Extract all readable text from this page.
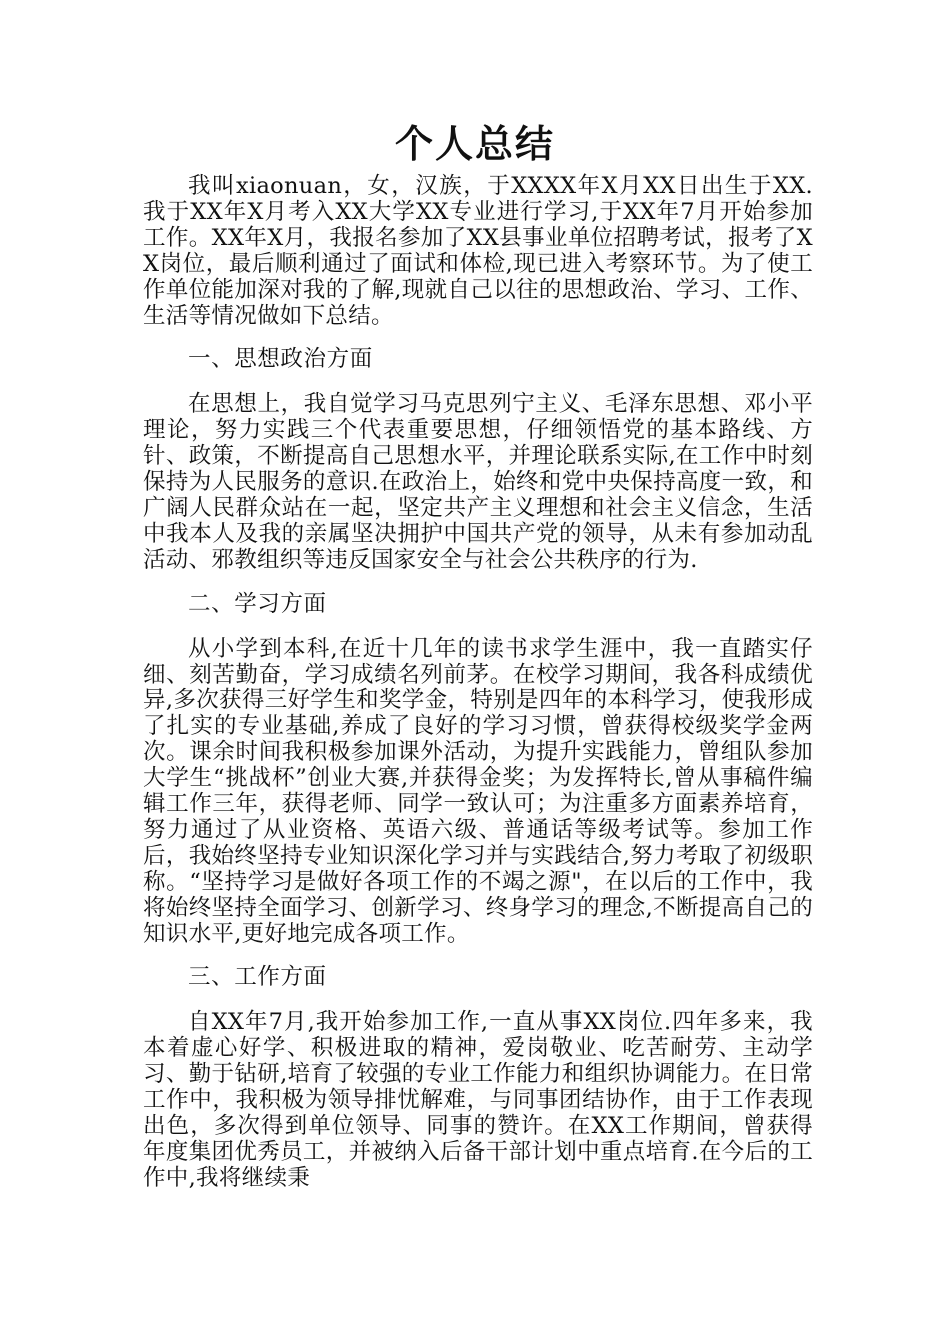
个人总结

我叫xiaonuan，女，汉族，于XXXX年X月XX日出生于XX.我于XX年X月考入XX大学XX专业进行学习,于XX年7月开始参加工作。XX年X月，我报名参加了XX县事业单位招聘考试，报考了XX岗位，最后顺利通过了面试和体检,现已进入考察环节。为了使工作单位能加深对我的了解,现就自己以往的思想政治、学习、工作、生活等情况做如下总结。

一、思想政治方面

在思想上，我自觉学习马克思列宁主义、毛泽东思想、邓小平理论，努力实践三个代表重要思想，仔细领悟党的基本路线、方针、政策，不断提高自己思想水平，并理论联系实际,在工作中时刻保持为人民服务的意识.在政治上，始终和党中央保持高度一致，和广阔人民群众站在一起，坚定共产主义理想和社会主义信念，生活中我本人及我的亲属坚决拥护中国共产党的领导，从未有参加动乱活动、邪教组织等违反国家安全与社会公共秩序的行为.

二、学习方面

从小学到本科,在近十几年的读书求学生涯中，我一直踏实仔细、刻苦勤奋，学习成绩名列前茅。在校学习期间，我各科成绩优异,多次获得三好学生和奖学金，特别是四年的本科学习，使我形成了扎实的专业基础,养成了良好的学习习惯，曾获得校级奖学金两次。课余时间我积极参加课外活动，为提升实践能力，曾组队参加大学生“挑战杯”创业大赛,并获得金奖；为发挥特长,曾从事稿件编辑工作三年，获得老师、同学一致认可；为注重多方面素养培育，努力通过了从业资格、英语六级、普通话等级考试等。参加工作后，我始终坚持专业知识深化学习并与实践结合,努力考取了初级职称。“坚持学习是做好各项工作的不竭之源"，在以后的工作中，我将始终坚持全面学习、创新学习、终身学习的理念,不断提高自己的知识水平,更好地完成各项工作。

三、工作方面

自XX年7月,我开始参加工作,一直从事XX岗位.四年多来，我本着虚心好学、积极进取的精神，爱岗敬业、吃苦耐劳、主动学习、勤于钻研,培育了较强的专业工作能力和组织协调能力。在日常工作中，我积极为领导排忧解难，与同事团结协作，由于工作表现出色，多次得到单位领导、同事的赞许。在XX工作期间，曾获得年度集团优秀员工，并被纳入后备干部计划中重点培育.在今后的工作中,我将继续秉
